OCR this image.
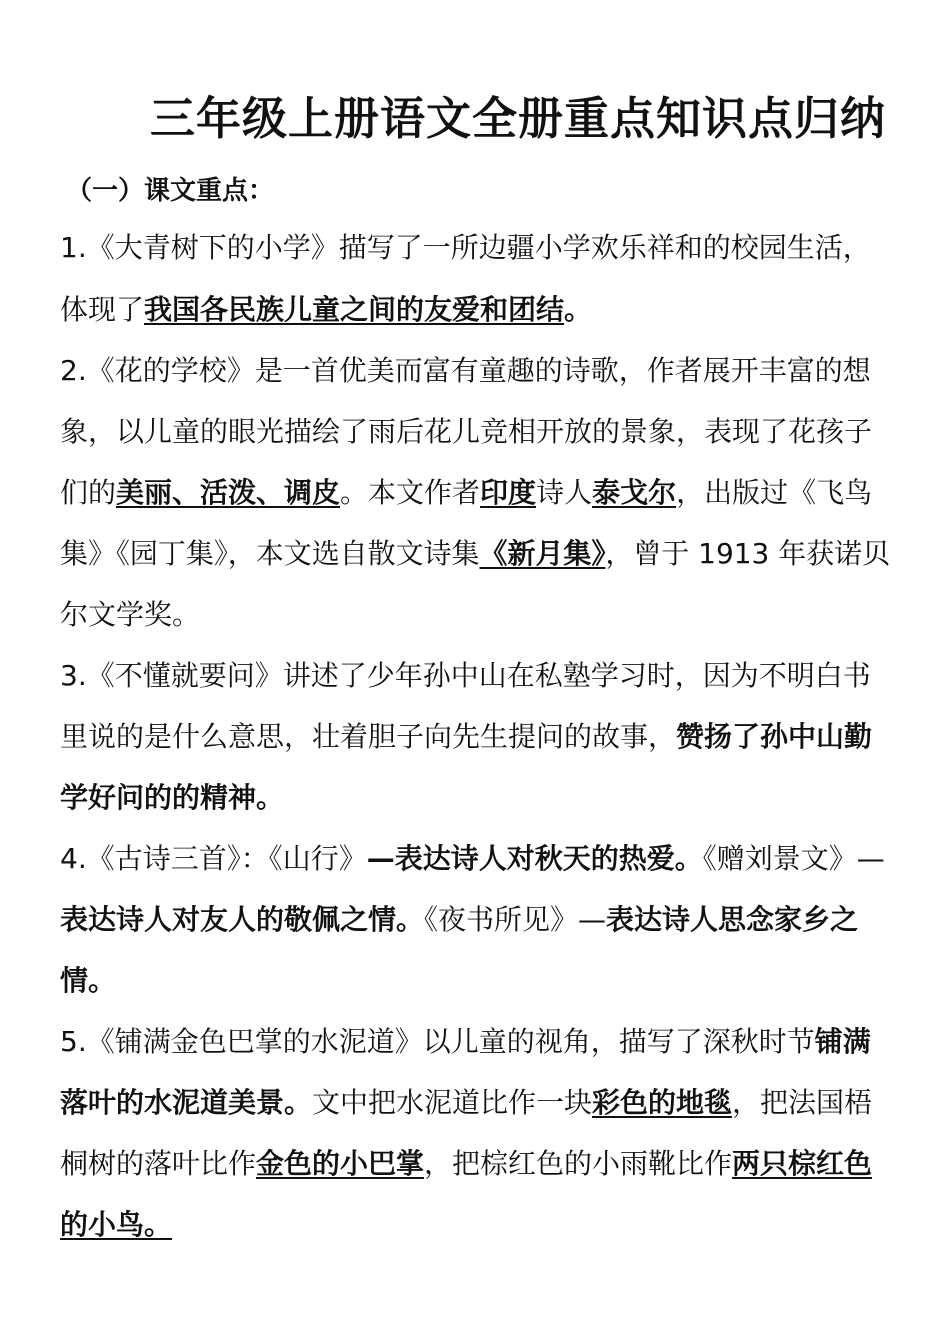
三年级上册语文全册重点知识点归纳
（一）课文重点：
1.《大青树下的小学》描写了一所边疆小学欢乐祥和的校园生活，
体现了我国各民族儿童之间的友爱和团结。
2.《花的学校》是一首优美而富有童趣的诗歌，作者展开丰富的想
象，以儿童的眼光描绘了雨后花儿竞相开放的景象，表现了花孩子
们的美丽、活泼、调皮。本文作者印度诗人泰戈尔，出版过《飞鸟
集》《园丁集》，本文选自散文诗集《新月集》，曾于 1913 年获诺贝
尔文学奖。
3.《不懂就要问》讲述了少年孙中山在私塾学习时，因为不明白书
里说的是什么意思，壮着胆子向先生提问的故事，赞扬了孙中山勤
学好问的的精神。
4.《古诗三首》：《山行》—表达诗人对秋天的热爱。《赠刘景文》—
表达诗人对友人的敬佩之情。《夜书所见》—表达诗人思念家乡之
情。
5.《铺满金色巴掌的水泥道》以儿童的视角，描写了深秋时节铺满
落叶的水泥道美景。文中把水泥道比作一块彩色的地毯，把法国梧
桐树的落叶比作金色的小巴掌，把棕红色的小雨靴比作两只棕红色
的小鸟。
